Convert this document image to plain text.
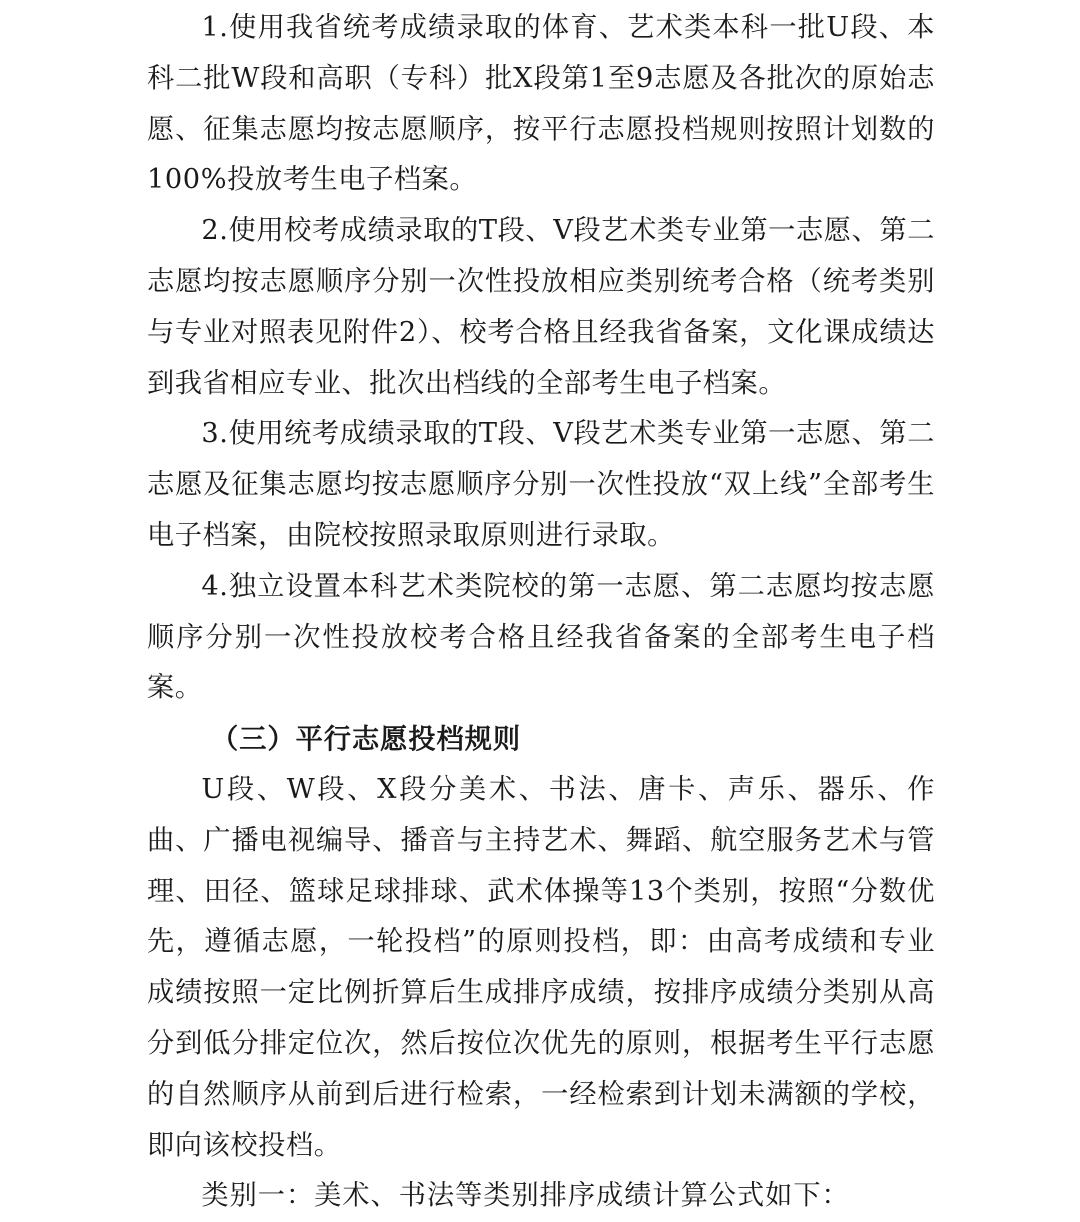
1.使用我省统考成绩录取的体育、艺术类本科一批U段、本科二批W段和高职（专科）批X段第1至9志愿及各批次的原始志愿、征集志愿均按志愿顺序，按平行志愿投档规则按照计划数的100%投放考生电子档案。

2.使用校考成绩录取的T段、V段艺术类专业第一志愿、第二志愿均按志愿顺序分别一次性投放相应类别统考合格（统考类别与专业对照表见附件2）、校考合格且经我省备案，文化课成绩达到我省相应专业、批次出档线的全部考生电子档案。

3.使用统考成绩录取的T段、V段艺术类专业第一志愿、第二志愿及征集志愿均按志愿顺序分别一次性投放“双上线”全部考生电子档案，由院校按照录取原则进行录取。

4.独立设置本科艺术类院校的第一志愿、第二志愿均按志愿顺序分别一次性投放校考合格且经我省备案的全部考生电子档案。

（三）平行志愿投档规则

U段、W段、X段分美术、书法、唐卡、声乐、器乐、作曲、广播电视编导、播音与主持艺术、舞蹈、航空服务艺术与管理、田径、篮球足球排球、武术体操等13个类别，按照“分数优先，遵循志愿，一轮投档”的原则投档，即：由高考成绩和专业成绩按照一定比例折算后生成排序成绩，按排序成绩分类别从高分到低分排定位次，然后按位次优先的原则，根据考生平行志愿的自然顺序从前到后进行检索，一经检索到计划未满额的学校，即向该校投档。

类别一：美术、书法等类别排序成绩计算公式如下：
